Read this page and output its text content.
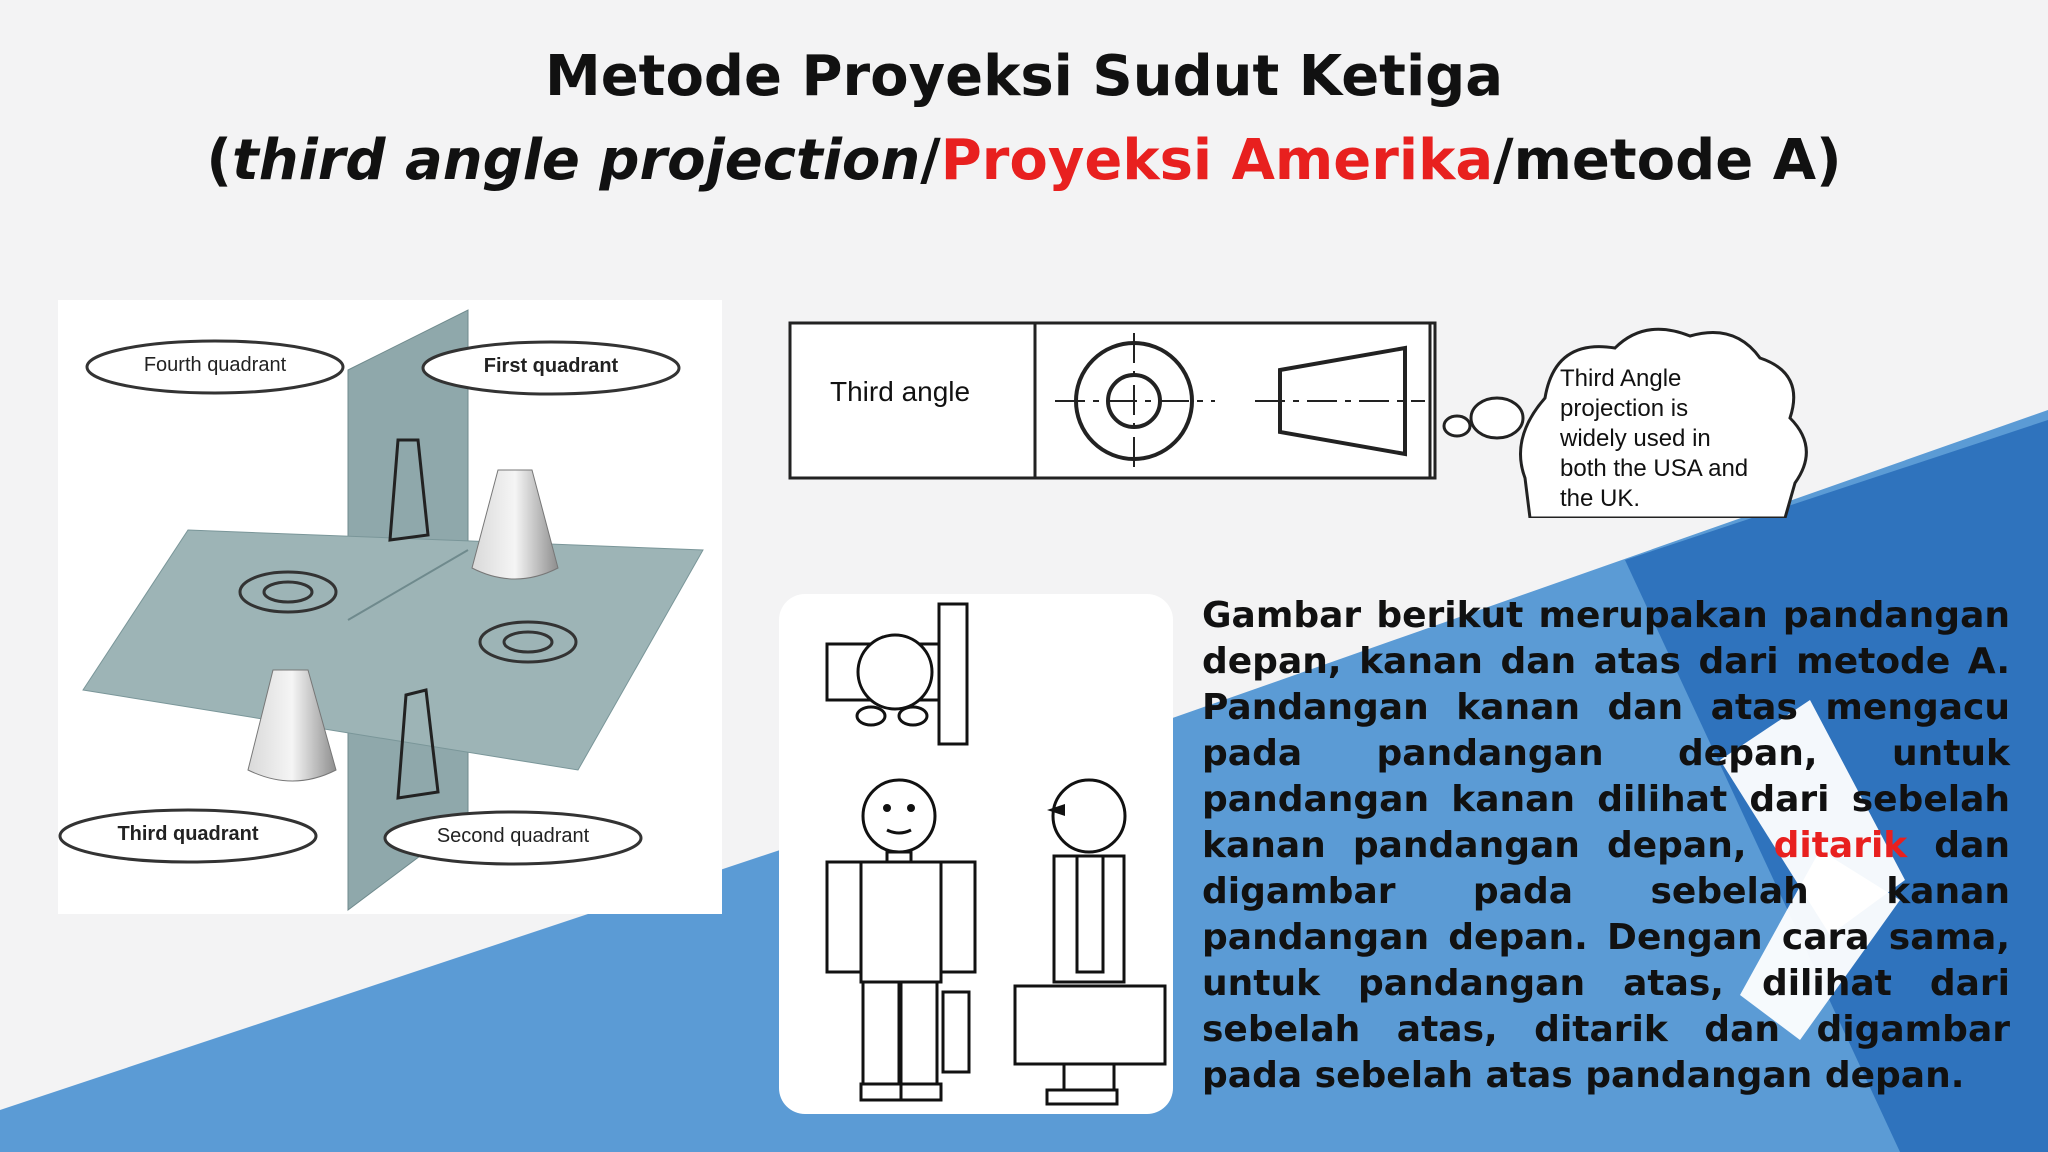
Metode Proyeksi Sudut Ketiga
(third angle projection/Proyeksi Amerika/metode A)
Fourth quadrant	First quadrant
Third quadrant	Second quadrant
Third angle	Third Angle projection is widely used in both the USA and the UK.
Gambar berikut merupakan pandangan depan, kanan dan atas dari metode A. Pandangan kanan dan atas mengacu pada pandangan depan, untuk pandangan kanan dilihat dari sebelah kanan pandangan depan, ditarik dan digambar pada sebelah kanan pandangan depan. Dengan cara sama, untuk pandangan atas, dilihat dari sebelah atas, ditarik dan digambar pada sebelah atas pandangan depan.
